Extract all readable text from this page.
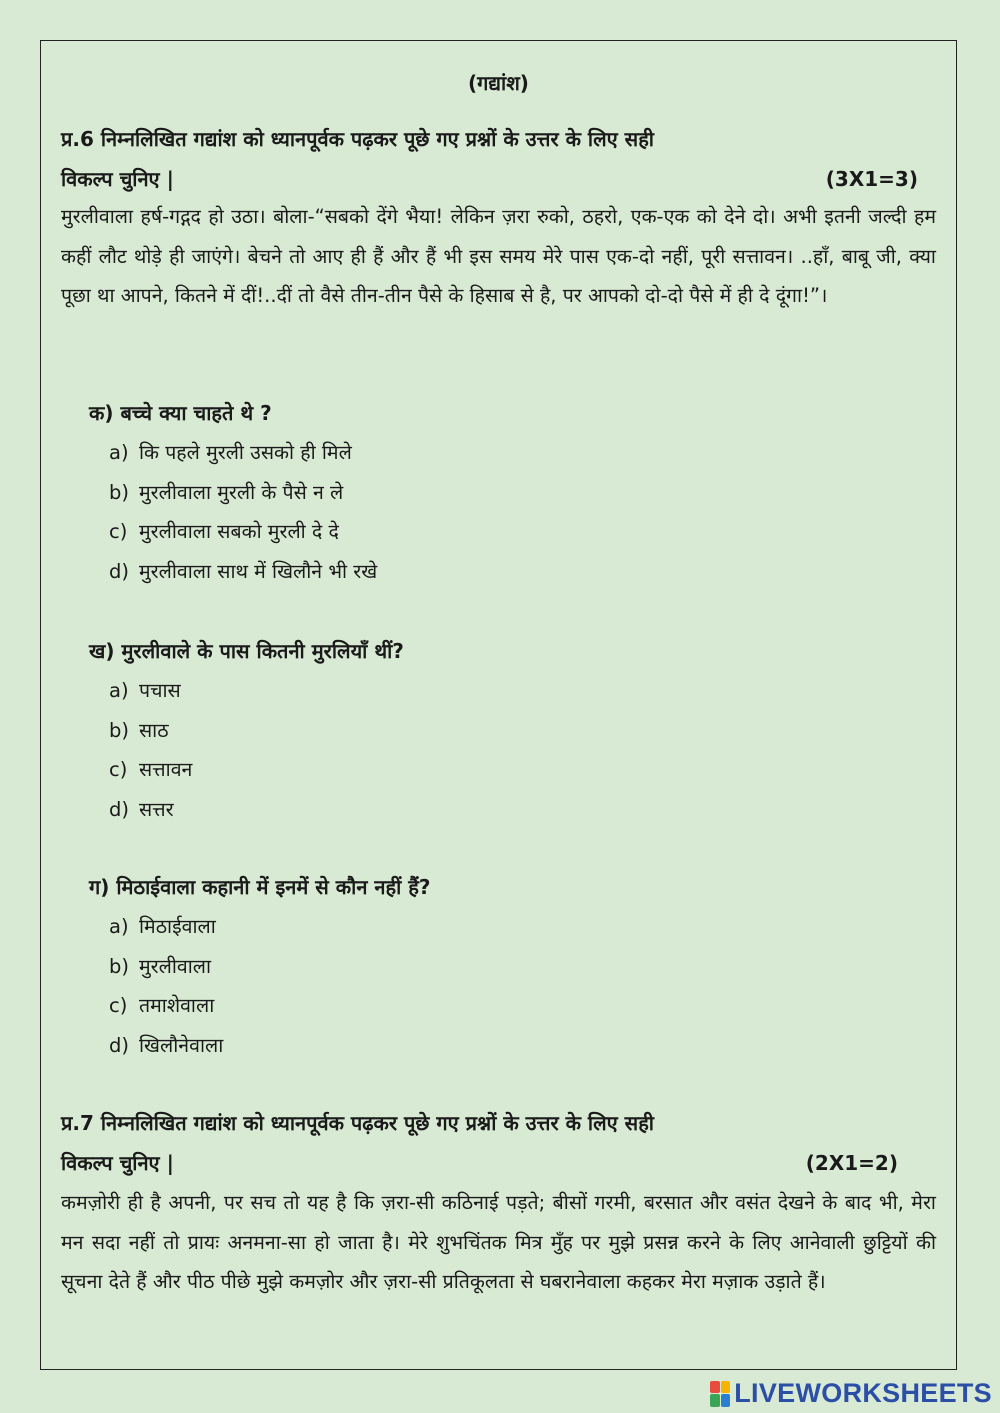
(गद्यांश)
प्र.6 निम्नलिखित गद्यांश को ध्यानपूर्वक पढ़कर पूछे गए प्रश्नों के उत्तर के लिए सही
विकल्प चुनिए |	(3X1=3)
मुरलीवाला हर्ष-गद्गद हो उठा। बोला-“सबको देंगे भैया! लेकिन ज़रा रुको, ठहरो, एक-एक को देने दो। अभी इतनी जल्दी हम कहीं लौट थोड़े ही जाएंगे। बेचने तो आए ही हैं और हैं भी इस समय मेरे पास एक-दो नहीं, पूरी सत्तावन। ..हाँ, बाबू जी, क्या पूछा था आपने, कितने में दीं!..दीं तो वैसे तीन-तीन पैसे के हिसाब से है, पर आपको दो-दो पैसे में ही दे दूंगा!”।
क) बच्चे क्या चाहते थे ?
a) कि पहले मुरली उसको ही मिले
b) मुरलीवाला मुरली के पैसे न ले
c) मुरलीवाला सबको मुरली दे दे
d) मुरलीवाला साथ में खिलौने भी रखे
ख) मुरलीवाले के पास कितनी मुरलियाँ थीं?
a) पचास
b) साठ
c) सत्तावन
d) सत्तर
ग) मिठाईवाला कहानी में इनमें से कौन नहीं हैं?
a) मिठाईवाला
b) मुरलीवाला
c) तमाशेवाला
d) खिलौनेवाला
प्र.7 निम्नलिखित गद्यांश को ध्यानपूर्वक पढ़कर पूछे गए प्रश्नों के उत्तर के लिए सही
विकल्प चुनिए |	(2X1=2)
कमज़ोरी ही है अपनी, पर सच तो यह है कि ज़रा-सी कठिनाई पड़ते; बीसों गरमी, बरसात और वसंत देखने के बाद भी, मेरा मन सदा नहीं तो प्रायः अनमना-सा हो जाता है। मेरे शुभचिंतक मित्र मुँह पर मुझे प्रसन्न करने के लिए आनेवाली छुट्टियों की सूचना देते हैं और पीठ पीछे मुझे कमज़ोर और ज़रा-सी प्रतिकूलता से घबरानेवाला कहकर मेरा मज़ाक उड़ाते हैं।
LIVEWORKSHEETS
